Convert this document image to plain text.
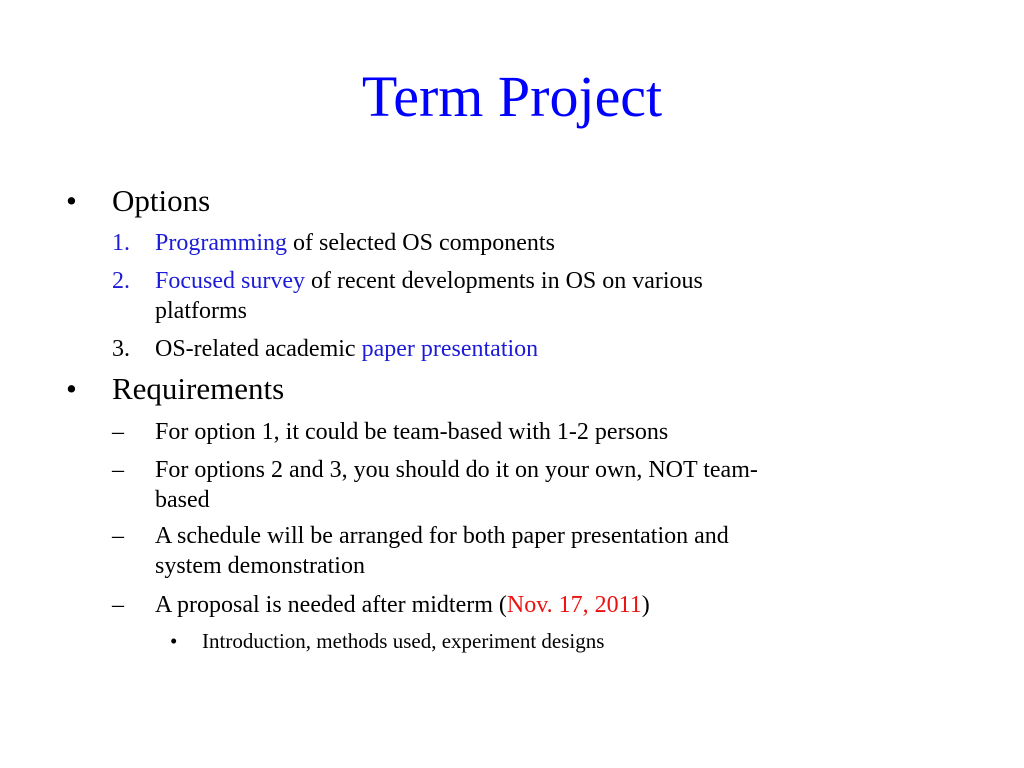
Term Project
• Options
1.	Programming of selected OS components
2.	Focused survey of recent developments in OS on various
platforms
3.	OS-related academic paper presentation
• Requirements
–	For option 1, it could be team-based with 1-2 persons
–	For options 2 and 3, you should do it on your own, NOT team-
based
–	A schedule will be arranged for both paper presentation and
system demonstration
–	A proposal is needed after midterm (Nov. 17, 2011)
•	Introduction, methods used, experiment designs
